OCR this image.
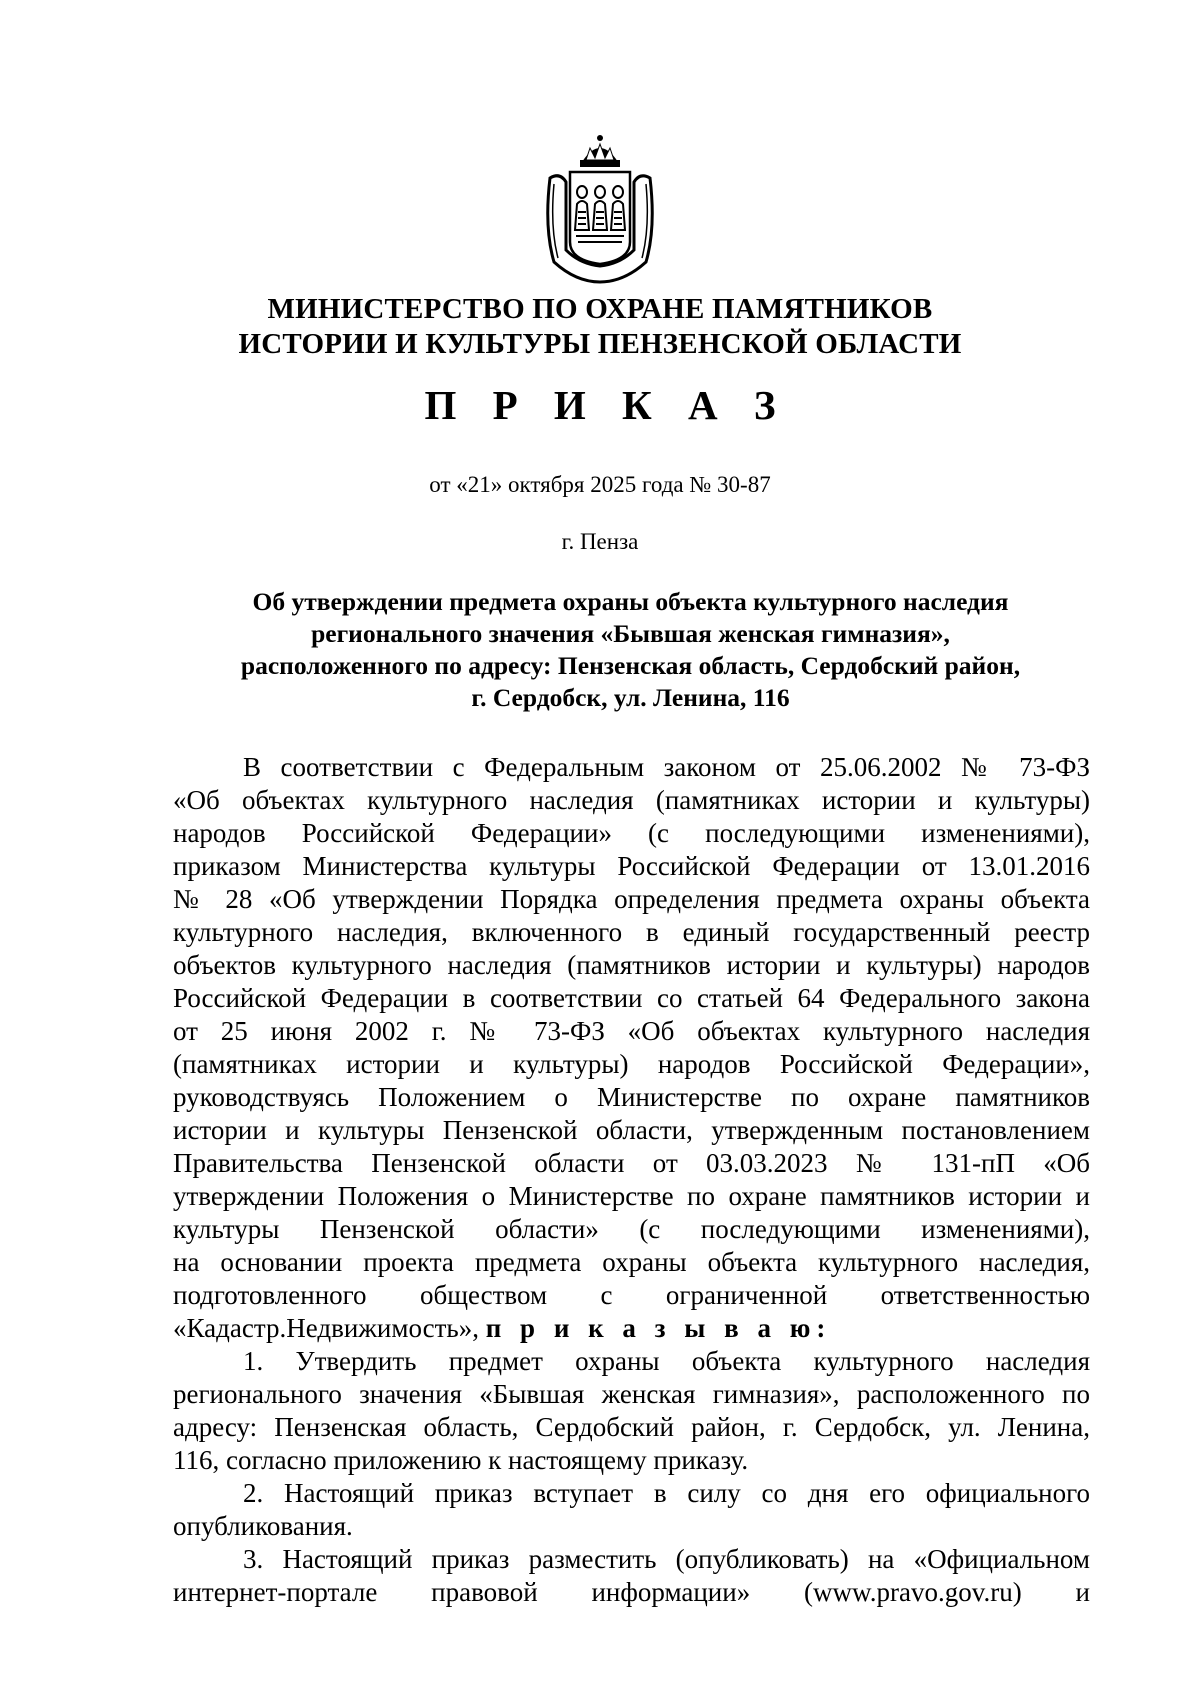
МИНИСТЕРСТВО ПО ОХРАНЕ ПАМЯТНИКОВ
ИСТОРИИ И КУЛЬТУРЫ ПЕНЗЕНСКОЙ ОБЛАСТИ
П Р И К А З
от «21» октября 2025 года № 30-87
г. Пенза
Об утверждении предмета охраны объекта культурного наследия
регионального значения «Бывшая женская гимназия»,
расположенного по адресу: Пензенская область, Сердобский район,
г. Сердобск, ул. Ленина, 116
В соответствии с Федеральным законом от 25.06.2002 № 73-ФЗ
«Об объектах культурного наследия (памятниках истории и культуры)
народов Российской Федерации» (с последующими изменениями),
приказом Министерства культуры Российской Федерации от 13.01.2016
№ 28 «Об утверждении Порядка определения предмета охраны объекта
культурного наследия, включенного в единый государственный реестр
объектов культурного наследия (памятников истории и культуры) народов
Российской Федерации в соответствии со статьей 64 Федерального закона
от 25 июня 2002 г. № 73-ФЗ «Об объектах культурного наследия
(памятниках истории и культуры) народов Российской Федерации»,
руководствуясь Положением о Министерстве по охране памятников
истории и культуры Пензенской области, утвержденным постановлением
Правительства Пензенской области от 03.03.2023 № 131-пП «Об
утверждении Положения о Министерстве по охране памятников истории и
культуры Пензенской области» (с последующими изменениями),
на основании проекта предмета охраны объекта культурного наследия,
подготовленного обществом с ограниченной ответственностью
«Кадастр.Недвижимость», п р и к а з ы в а ю:
1. Утвердить предмет охраны объекта культурного наследия
регионального значения «Бывшая женская гимназия», расположенного по
адресу: Пензенская область, Сердобский район, г. Сердобск, ул. Ленина,
116, согласно приложению к настоящему приказу.
2. Настоящий приказ вступает в силу со дня его официального
опубликования.
3. Настоящий приказ разместить (опубликовать) на «Официальном
интернет-портале правовой информации» (www.pravo.gov.ru) и
